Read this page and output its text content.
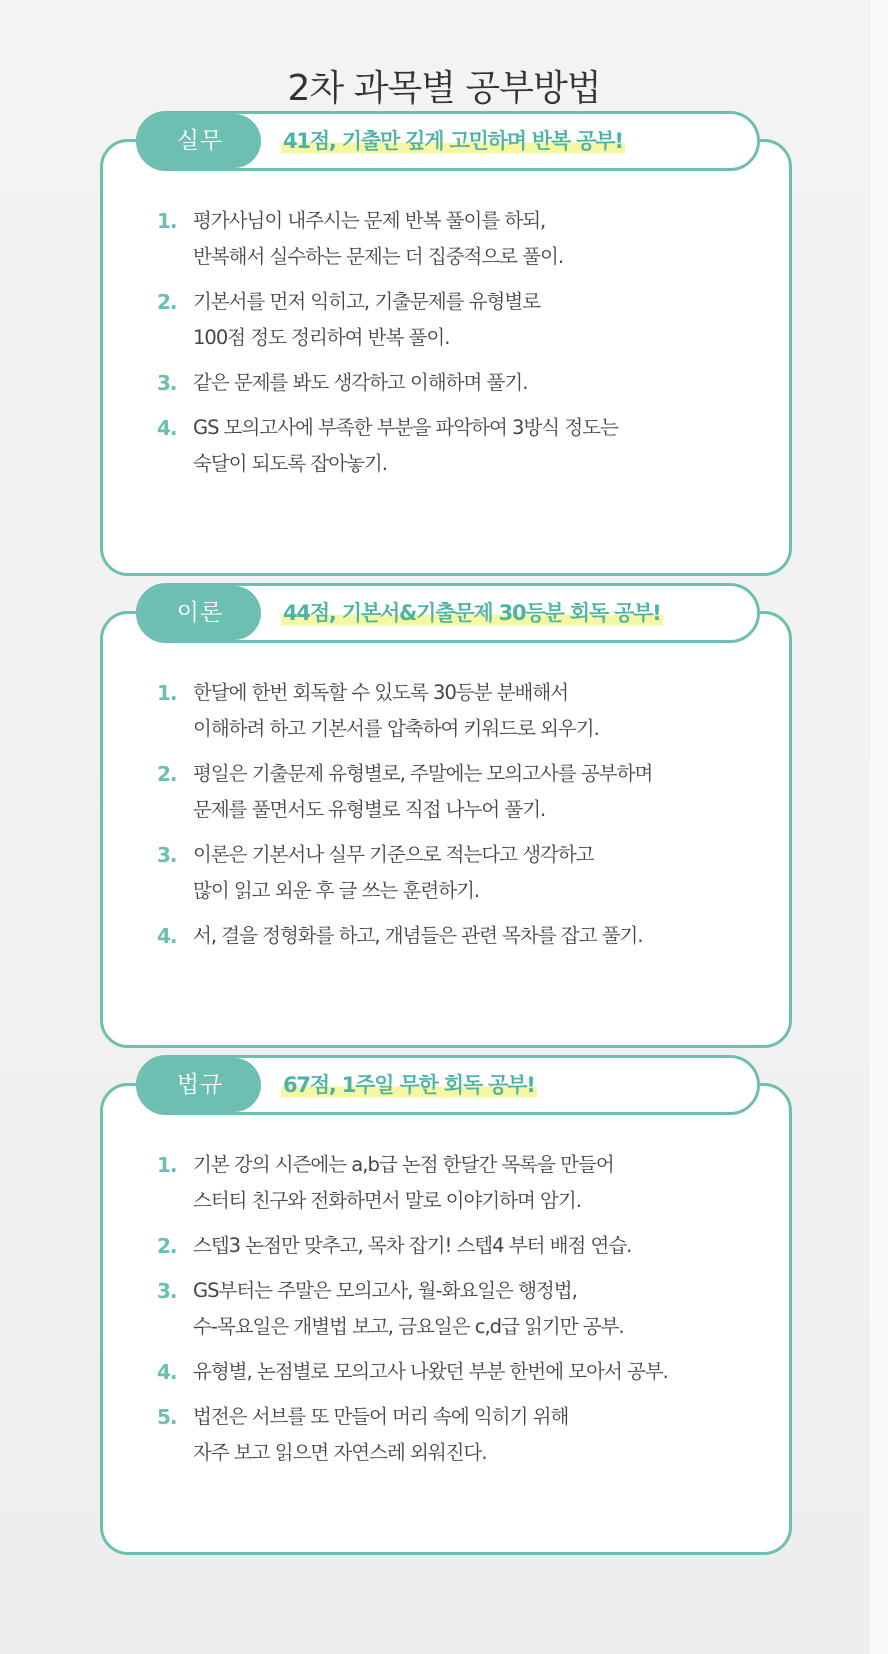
2차 과목별 공부방법
실무	41점, 기출만 깊게 고민하며 반복 공부!
1. 평가사님이 내주시는 문제 반복 풀이를 하되,
반복해서 실수하는 문제는 더 집중적으로 풀이.
2. 기본서를 먼저 익히고, 기출문제를 유형별로
100점 정도 정리하여 반복 풀이.
3. 같은 문제를 봐도 생각하고 이해하며 풀기.
4. GS 모의고사에 부족한 부분을 파악하여 3방식 정도는
숙달이 되도록 잡아놓기.
이론	44점, 기본서&기출문제 30등분 회독 공부!
1. 한달에 한번 회독할 수 있도록 30등분 분배해서
이해하려 하고 기본서를 압축하여 키워드로 외우기.
2. 평일은 기출문제 유형별로, 주말에는 모의고사를 공부하며
문제를 풀면서도 유형별로 직접 나누어 풀기.
3. 이론은 기본서나 실무 기준으로 적는다고 생각하고
많이 읽고 외운 후 글 쓰는 훈련하기.
4. 서, 결을 정형화를 하고, 개념들은 관련 목차를 잡고 풀기.
법규	67점, 1주일 무한 회독 공부!
1. 기본 강의 시즌에는 a,b급 논점 한달간 목록을 만들어
스터티 친구와 전화하면서 말로 이야기하며 암기.
2. 스텝3 논점만 맞추고, 목차 잡기! 스텝4 부터 배점 연습.
3. GS부터는 주말은 모의고사, 월-화요일은 행정법,
수-목요일은 개별법 보고, 금요일은 c,d급 읽기만 공부.
4. 유형별, 논점별로 모의고사 나왔던 부분 한번에 모아서 공부.
5. 법전은 서브를 또 만들어 머리 속에 익히기 위해
자주 보고 읽으면 자연스레 외워진다.
